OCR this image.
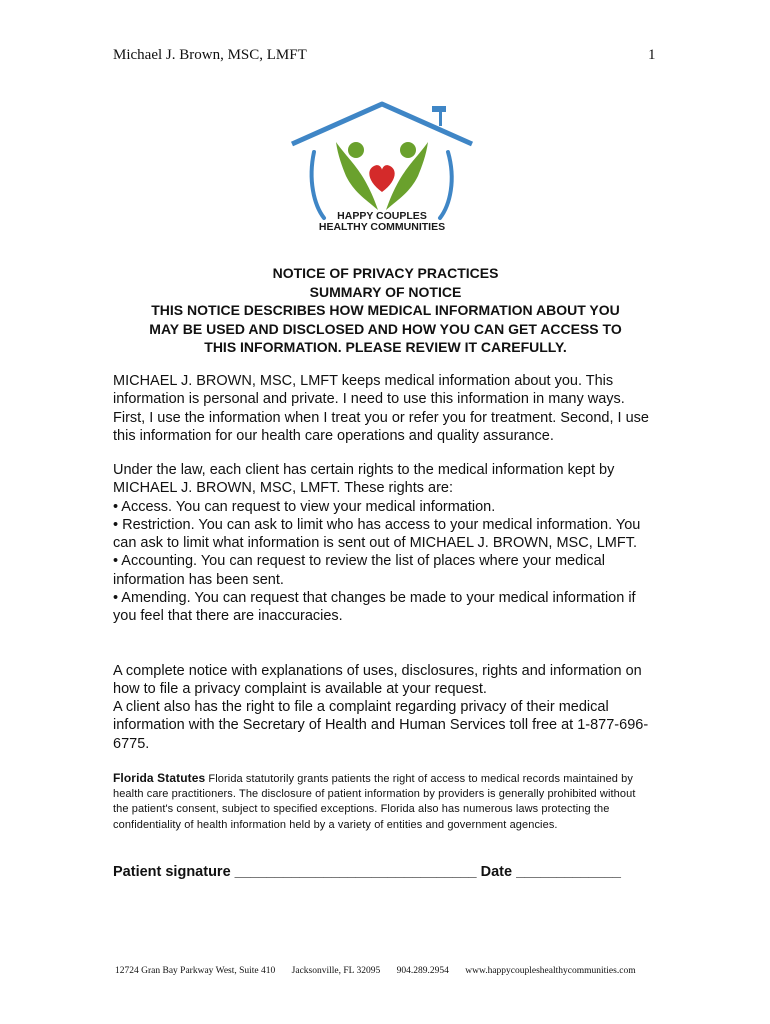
Michael J. Brown, MSC, LMFT	1
HAPPY COUPLES
HEALTHY COMMUNITIES
NOTICE OF PRIVACY PRACTICES
SUMMARY OF NOTICE
THIS NOTICE DESCRIBES HOW MEDICAL INFORMATION ABOUT YOU
MAY BE USED AND DISCLOSED AND HOW YOU CAN GET ACCESS TO
THIS INFORMATION. PLEASE REVIEW IT CAREFULLY.
MICHAEL J. BROWN, MSC, LMFT keeps medical information about you. This information is personal and private. I need to use this information in many ways. First, I use the information when I treat you or refer you for treatment. Second, I use this information for our health care operations and quality assurance.
Under the law, each client has certain rights to the medical information kept by MICHAEL J. BROWN, MSC, LMFT. These rights are:
• Access. You can request to view your medical information.
• Restriction. You can ask to limit who has access to your medical information. You can ask to limit what information is sent out of MICHAEL J. BROWN, MSC, LMFT.
• Accounting. You can request to review the list of places where your medical information has been sent.
• Amending. You can request that changes be made to your medical information if you feel that there are inaccuracies.
A complete notice with explanations of uses, disclosures, rights and information on how to file a privacy complaint is available at your request.
A client also has the right to file a complaint regarding privacy of their medical information with the Secretary of Health and Human Services toll free at 1-877-696-6775.
Florida Statutes Florida statutorily grants patients the right of access to medical records maintained by health care practitioners. The disclosure of patient information by providers is generally prohibited without the patient's consent, subject to specified exceptions. Florida also has numerous laws protecting the confidentiality of health information held by a variety of entities and government agencies.
Patient signature ______________________________ Date _____________
12724 Gran Bay Parkway West, Suite 410 Jacksonville, FL 32095 904.289.2954 www.happycoupleshealthycommunities.com
